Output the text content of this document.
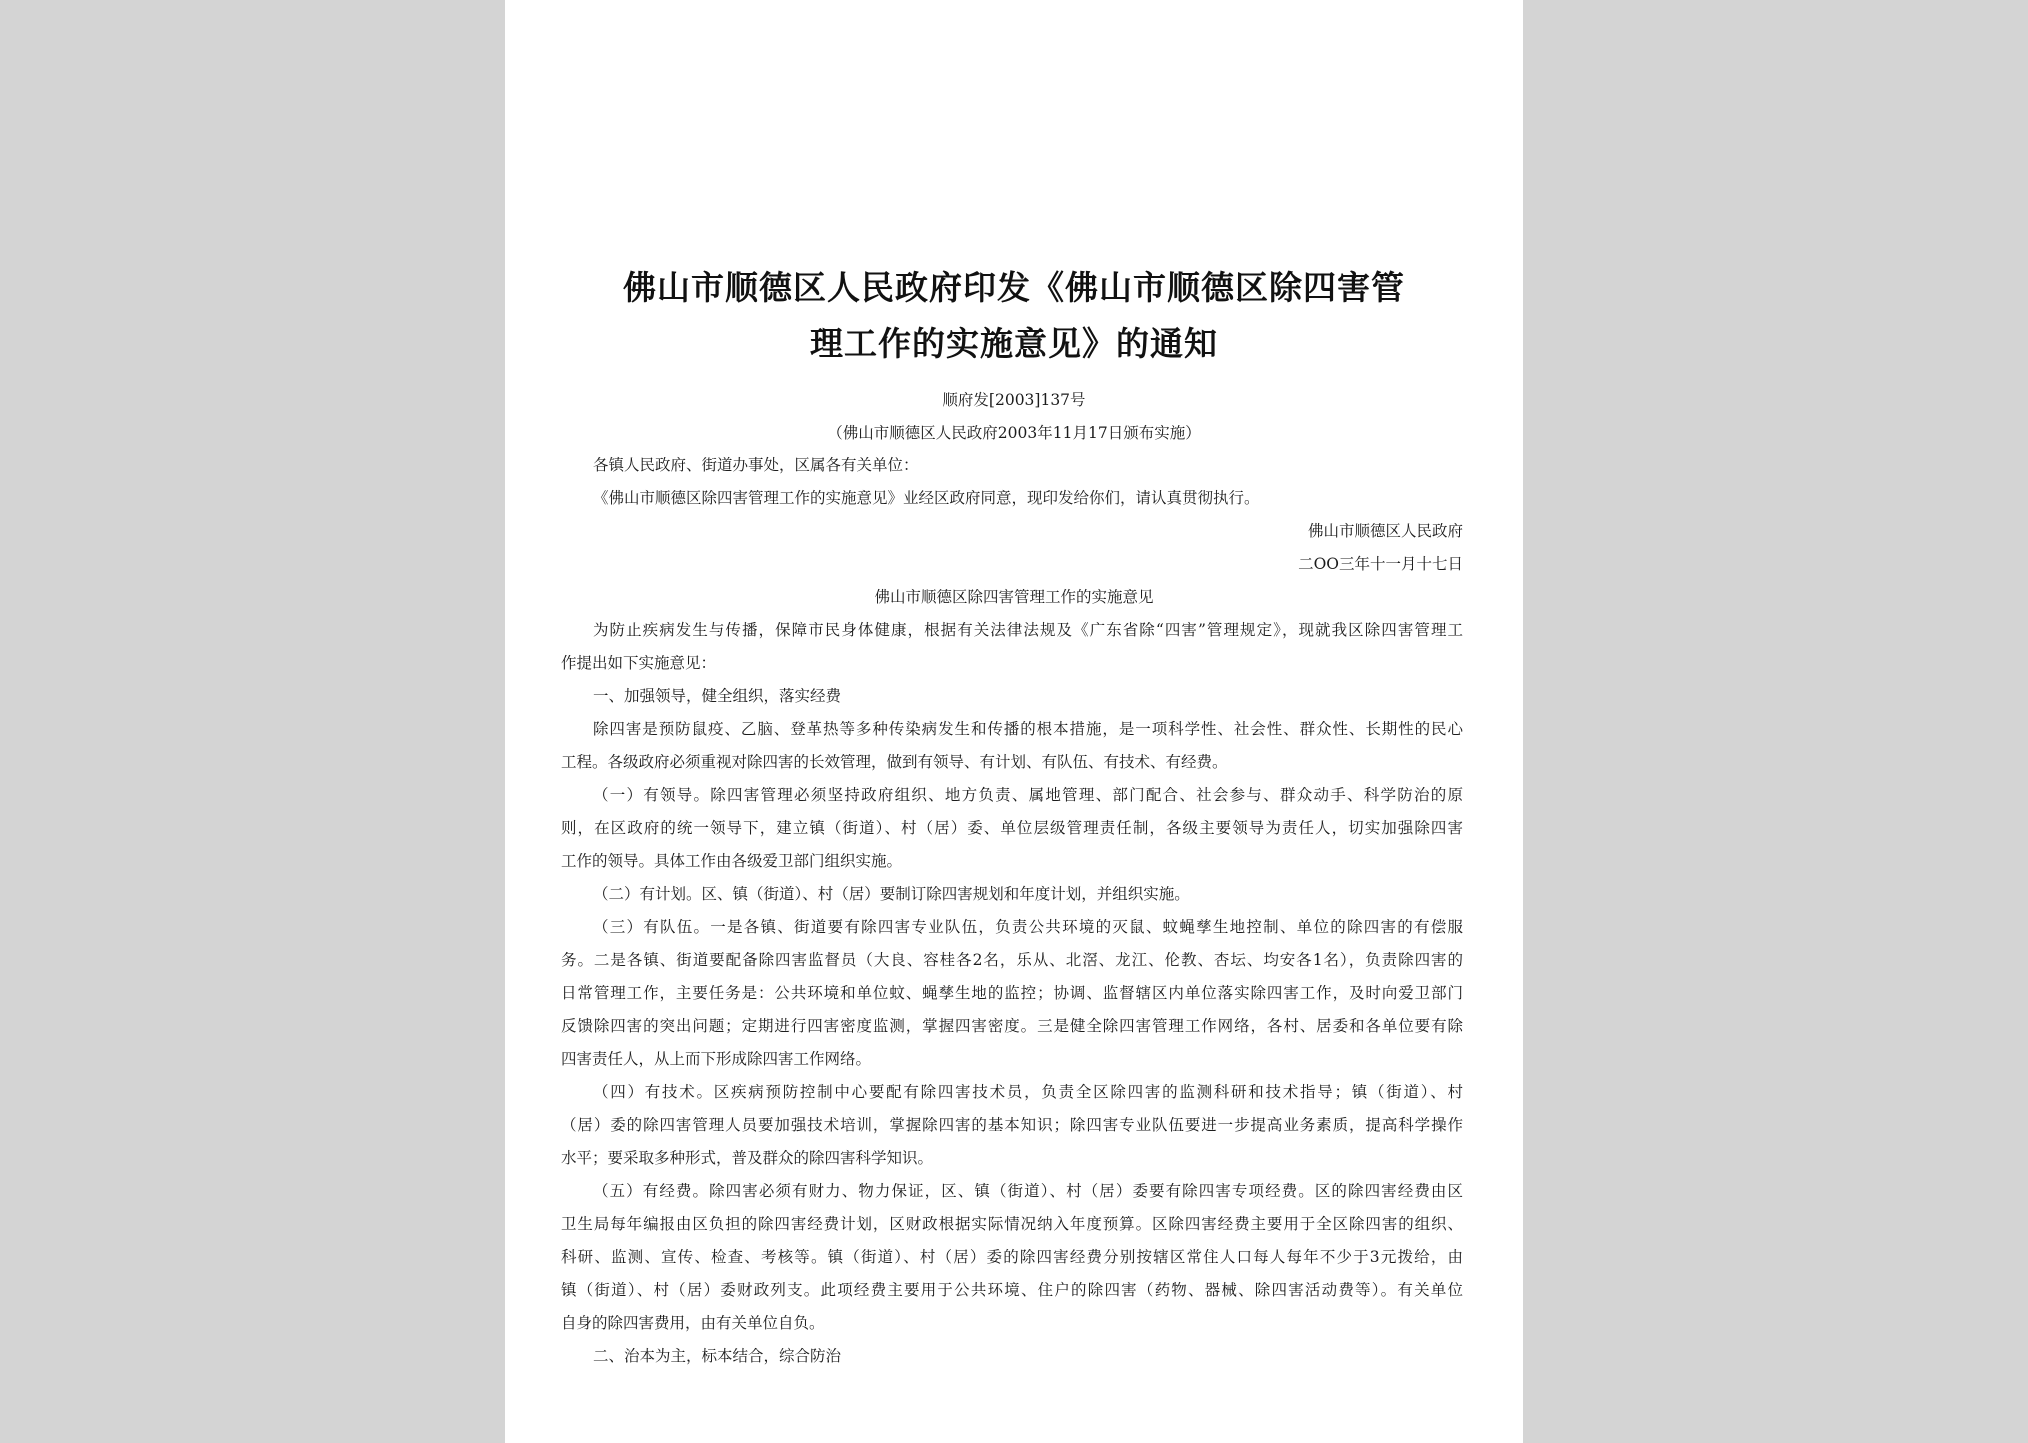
佛山市顺德区人民政府印发《佛山市顺德区除四害管
理工作的实施意见》的通知
顺府发[2003]137号
（佛山市顺德区人民政府2003年11月17日颁布实施）
各镇人民政府、街道办事处，区属各有关单位：
《佛山市顺德区除四害管理工作的实施意见》业经区政府同意，现印发给你们，请认真贯彻执行。
佛山市顺德区人民政府
二OO三年十一月十七日
佛山市顺德区除四害管理工作的实施意见
为防止疾病发生与传播，保障市民身体健康，根据有关法律法规及《广东省除“四害”管理规定》，现就我区除四害管理工
作提出如下实施意见：
一、加强领导，健全组织，落实经费
除四害是预防鼠疫、乙脑、登革热等多种传染病发生和传播的根本措施，是一项科学性、社会性、群众性、长期性的民心
工程。各级政府必须重视对除四害的长效管理，做到有领导、有计划、有队伍、有技术、有经费。
（一）有领导。除四害管理必须坚持政府组织、地方负责、属地管理、部门配合、社会参与、群众动手、科学防治的原
则，在区政府的统一领导下，建立镇（街道）、村（居）委、单位层级管理责任制，各级主要领导为责任人，切实加强除四害
工作的领导。具体工作由各级爱卫部门组织实施。
（二）有计划。区、镇（街道）、村（居）要制订除四害规划和年度计划，并组织实施。
（三）有队伍。一是各镇、街道要有除四害专业队伍，负责公共环境的灭鼠、蚊蝇孳生地控制、单位的除四害的有偿服
务。二是各镇、街道要配备除四害监督员（大良、容桂各2名，乐从、北滘、龙江、伦教、杏坛、均安各1名），负责除四害的
日常管理工作，主要任务是：公共环境和单位蚊、蝇孳生地的监控；协调、监督辖区内单位落实除四害工作，及时向爱卫部门
反馈除四害的突出问题；定期进行四害密度监测，掌握四害密度。三是健全除四害管理工作网络，各村、居委和各单位要有除
四害责任人，从上而下形成除四害工作网络。
（四）有技术。区疾病预防控制中心要配有除四害技术员，负责全区除四害的监测科研和技术指导；镇（街道）、村
（居）委的除四害管理人员要加强技术培训，掌握除四害的基本知识；除四害专业队伍要进一步提高业务素质，提高科学操作
水平；要采取多种形式，普及群众的除四害科学知识。
（五）有经费。除四害必须有财力、物力保证，区、镇（街道）、村（居）委要有除四害专项经费。区的除四害经费由区
卫生局每年编报由区负担的除四害经费计划，区财政根据实际情况纳入年度预算。区除四害经费主要用于全区除四害的组织、
科研、监测、宣传、检查、考核等。镇（街道）、村（居）委的除四害经费分别按辖区常住人口每人每年不少于3元拨给，由
镇（街道）、村（居）委财政列支。此项经费主要用于公共环境、住户的除四害（药物、器械、除四害活动费等）。有关单位
自身的除四害费用，由有关单位自负。
二、治本为主，标本结合，综合防治
